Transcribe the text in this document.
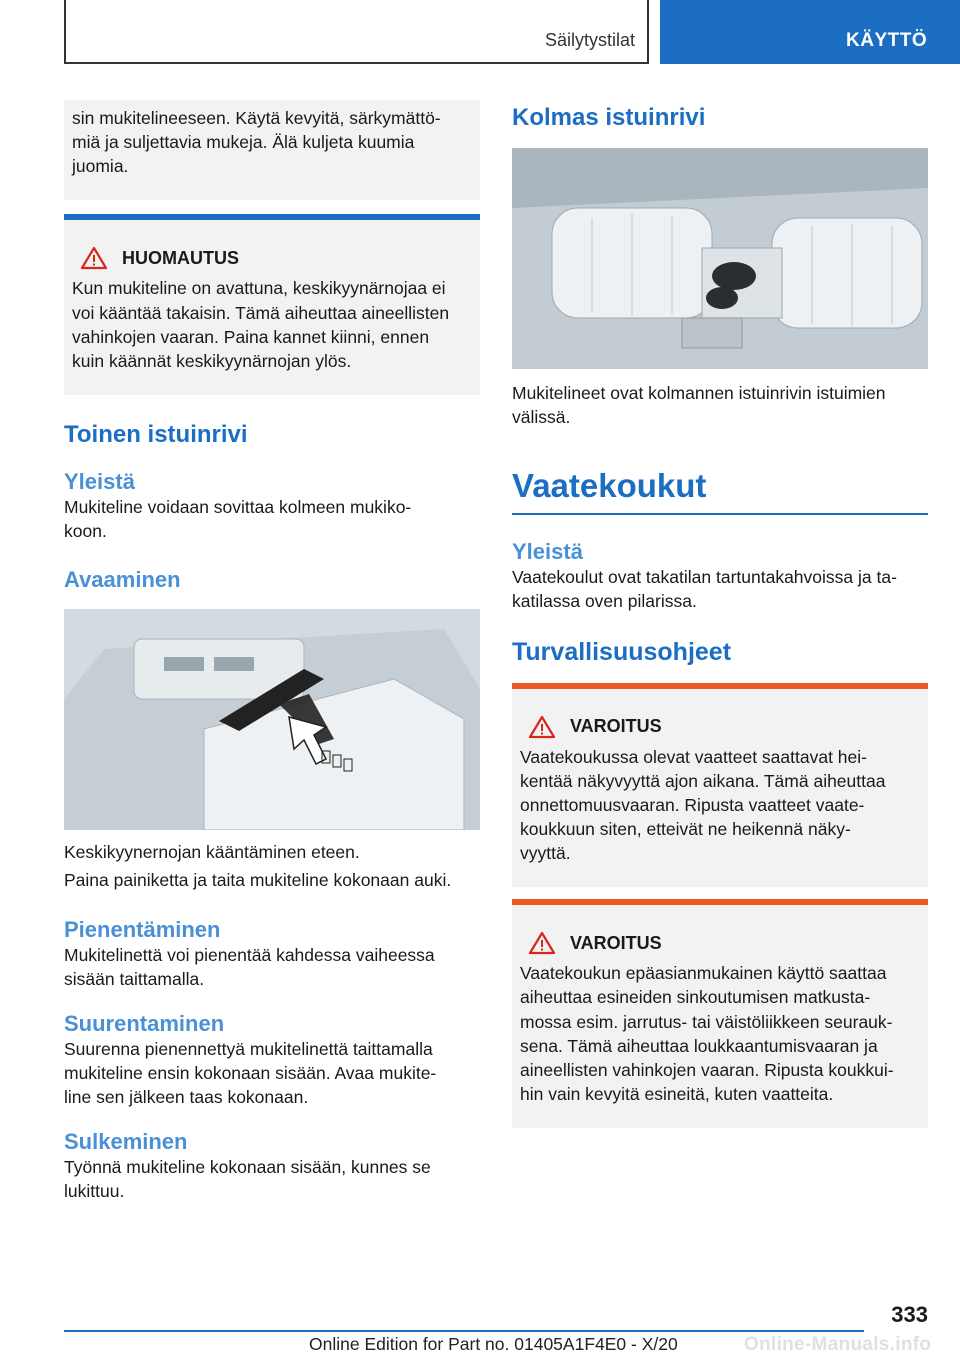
Säilytystilat	KÄYTTÖ

sin mukitelineeseen. Käytä kevyitä, särkymättö-

miä ja suljettavia mukeja. Älä kuljeta kuumia

juomia.

HUOMAUTUS

Kun mukiteline on avattuna, keskikyynärnojaa ei

voi kääntää takaisin. Tämä aiheuttaa aineellisten

vahinkojen vaaran. Paina kannet kiinni, ennen

kuin käännät keskikyynärnojan ylös.

Toinen istuinrivi
Yleistä

Mukiteline voidaan sovittaa kolmeen mukiko-

koon.

Avaaminen

Keskikyynernojan kääntäminen eteen.

Paina painiketta ja taita mukiteline kokonaan auki.

Pienentäminen

Mukitelinettä voi pienentää kahdessa vaiheessa

sisään taittamalla.

Suurentaminen

Suurenna pienennettyä mukitelinettä taittamalla

mukiteline ensin kokonaan sisään. Avaa mukite-

line sen jälkeen taas kokonaan.

Sulkeminen

Työnnä mukiteline kokonaan sisään, kunnes se

lukittuu.

Kolmas istuinrivi

Mukitelineet ovat kolmannen istuinrivin istuimien

välissä.

Vaatekoukut
Yleistä

Vaatekoulut ovat takatilan tartuntakahvoissa ja ta-

katilassa oven pilarissa.

Turvallisuusohjeet
VAROITUS

Vaatekoukussa olevat vaatteet saattavat hei-

kentää näkyvyyttä ajon aikana. Tämä aiheuttaa

onnettomuusvaaran. Ripusta vaatteet vaate-

koukkuun siten, etteivät ne heikennä näky-

vyyttä.

VAROITUS

Vaatekoukun epäasianmukainen käyttö saattaa

aiheuttaa esineiden sinkoutumisen matkusta-

mossa esim. jarrutus- tai väistöliikkeen seurauk-

sena. Tämä aiheuttaa loukkaantumisvaaran ja

aineellisten vahinkojen vaaran. Ripusta koukkui-

hin vain kevyitä esineitä, kuten vaatteita.

333
Online Edition for Part no. 01405A1F4E0 - X/20	Online-Manuals.info
